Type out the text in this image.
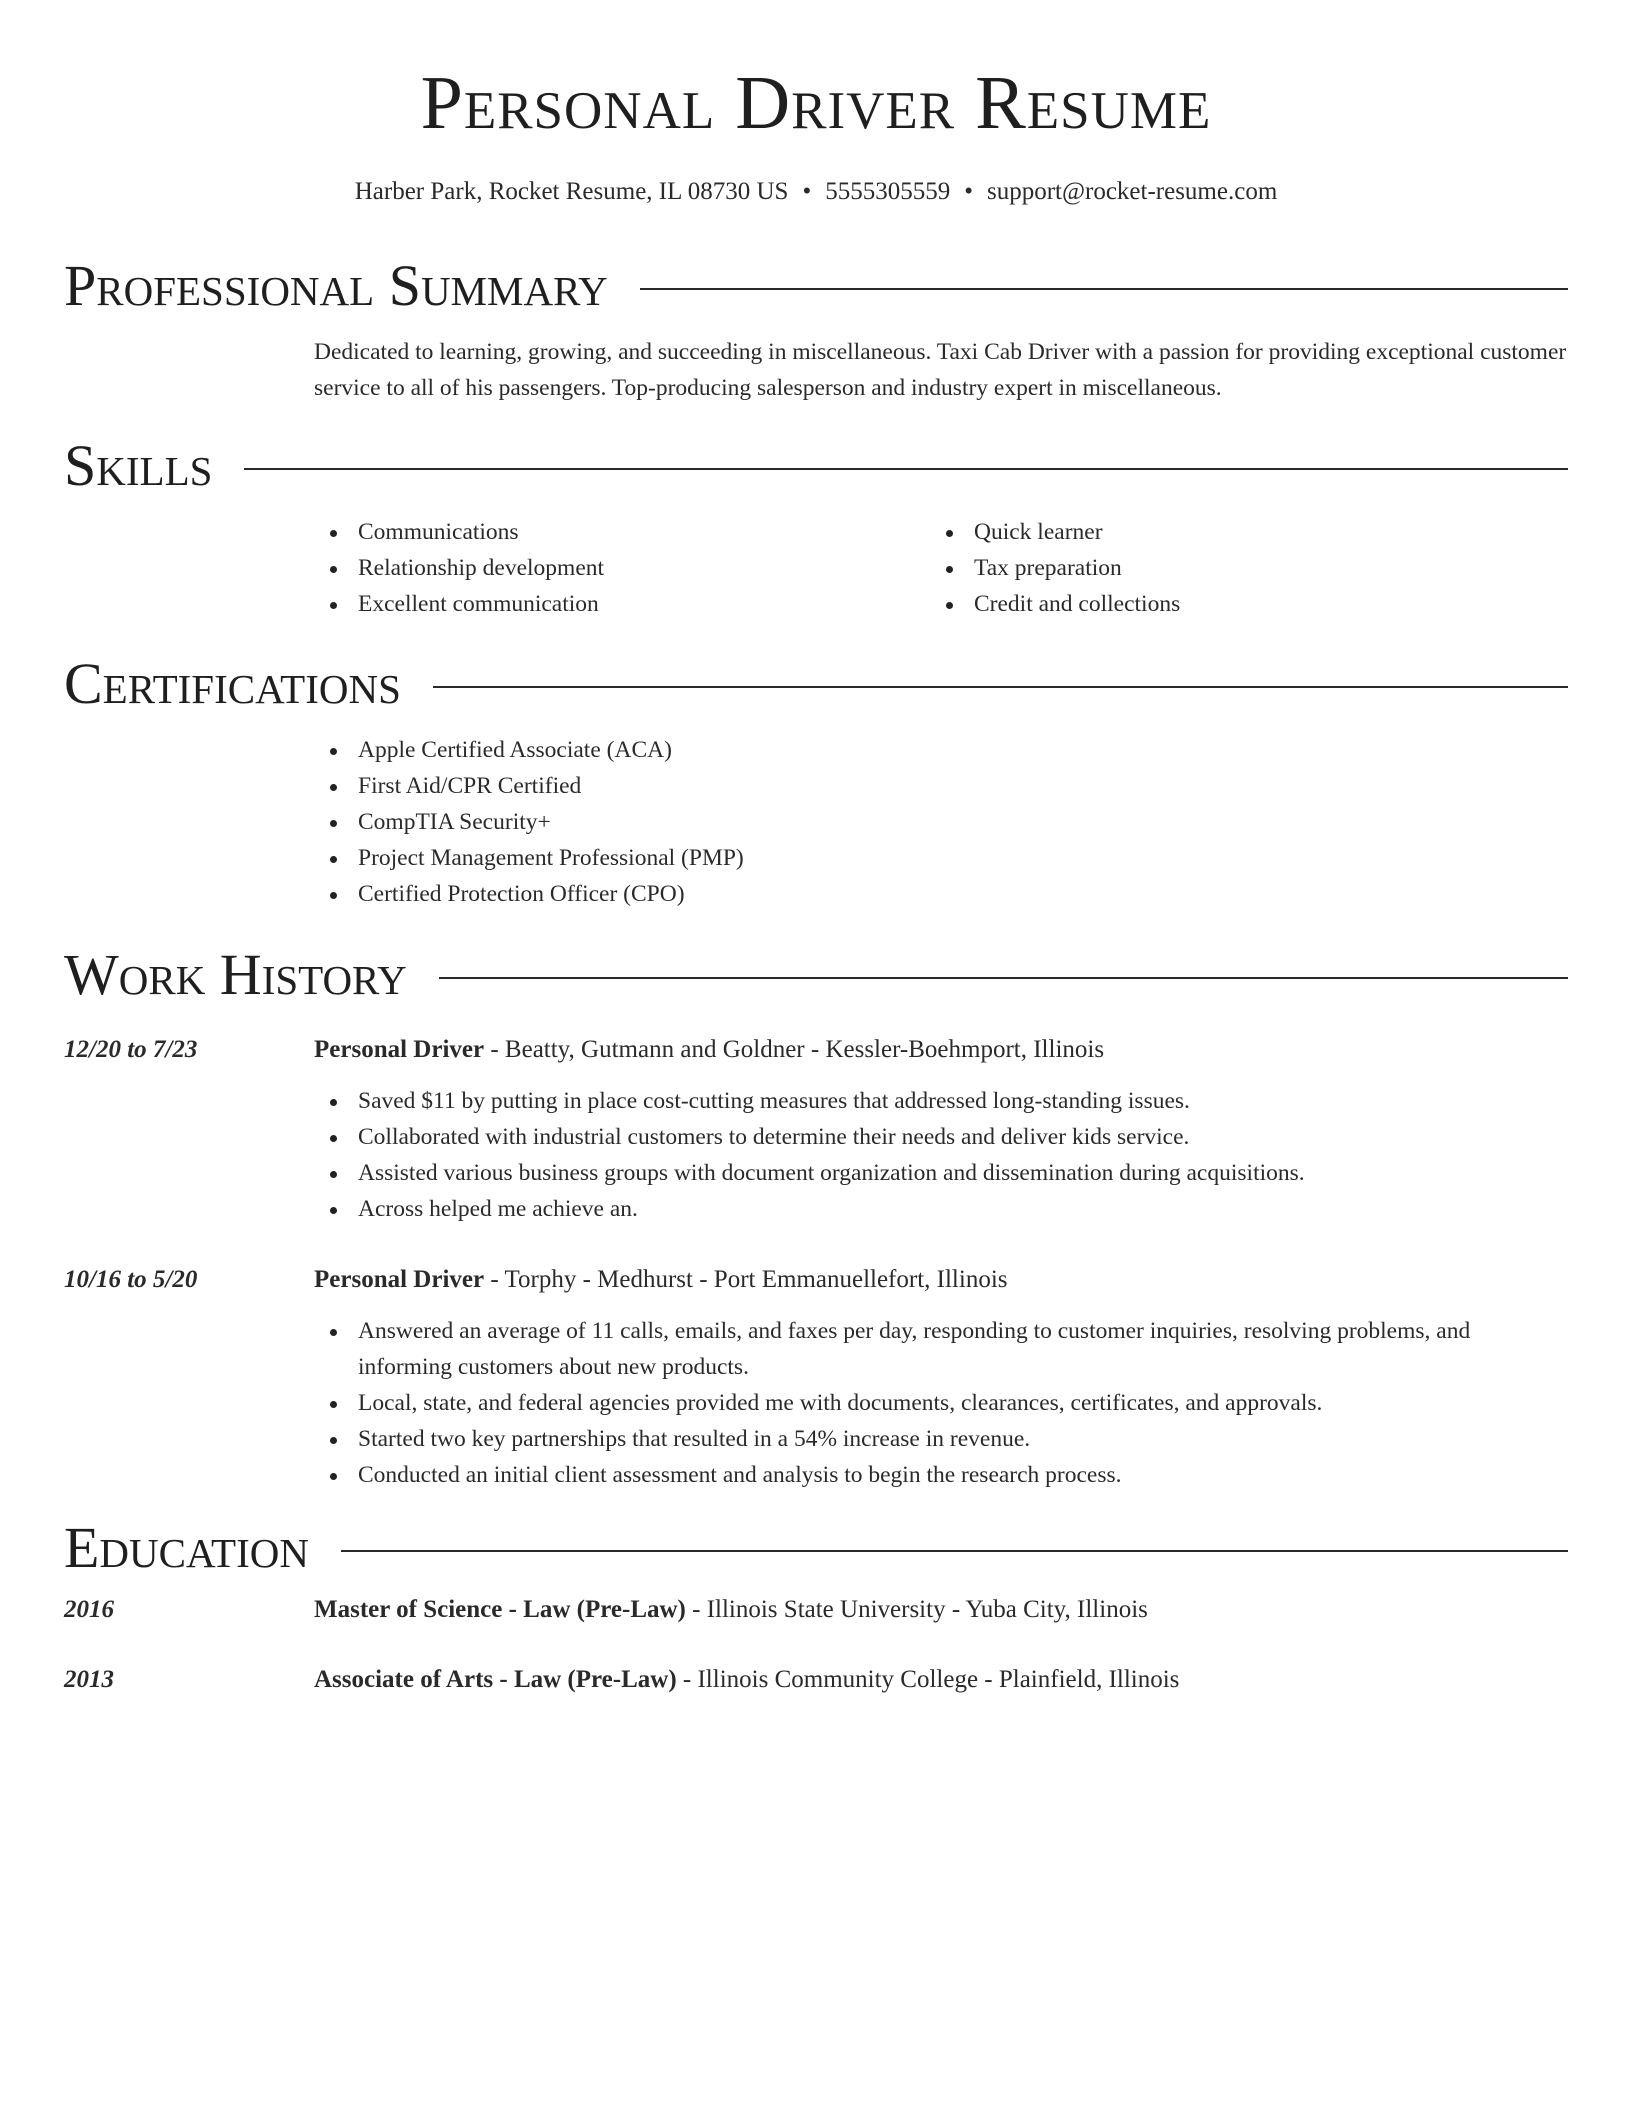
Personal Driver Resume
Harber Park, Rocket Resume, IL 08730 US • 5555305559 • support@rocket-resume.com
Professional Summary
Dedicated to learning, growing, and succeeding in miscellaneous. Taxi Cab Driver with a passion for providing exceptional customer service to all of his passengers. Top-producing salesperson and industry expert in miscellaneous.
Skills
Communications
Relationship development
Excellent communication
Quick learner
Tax preparation
Credit and collections
Certifications
Apple Certified Associate (ACA)
First Aid/CPR Certified
CompTIA Security+
Project Management Professional (PMP)
Certified Protection Officer (CPO)
Work History
12/20 to 7/23	Personal Driver - Beatty, Gutmann and Goldner - Kessler-Boehmport, Illinois
Saved $11 by putting in place cost-cutting measures that addressed long-standing issues.
Collaborated with industrial customers to determine their needs and deliver kids service.
Assisted various business groups with document organization and dissemination during acquisitions.
Across helped me achieve an.
10/16 to 5/20	Personal Driver - Torphy - Medhurst - Port Emmanuellefort, Illinois
Answered an average of 11 calls, emails, and faxes per day, responding to customer inquiries, resolving problems, and informing customers about new products.
Local, state, and federal agencies provided me with documents, clearances, certificates, and approvals.
Started two key partnerships that resulted in a 54% increase in revenue.
Conducted an initial client assessment and analysis to begin the research process.
Education
2016	Master of Science - Law (Pre-Law) - Illinois State University - Yuba City, Illinois
2013	Associate of Arts - Law (Pre-Law) - Illinois Community College - Plainfield, Illinois
